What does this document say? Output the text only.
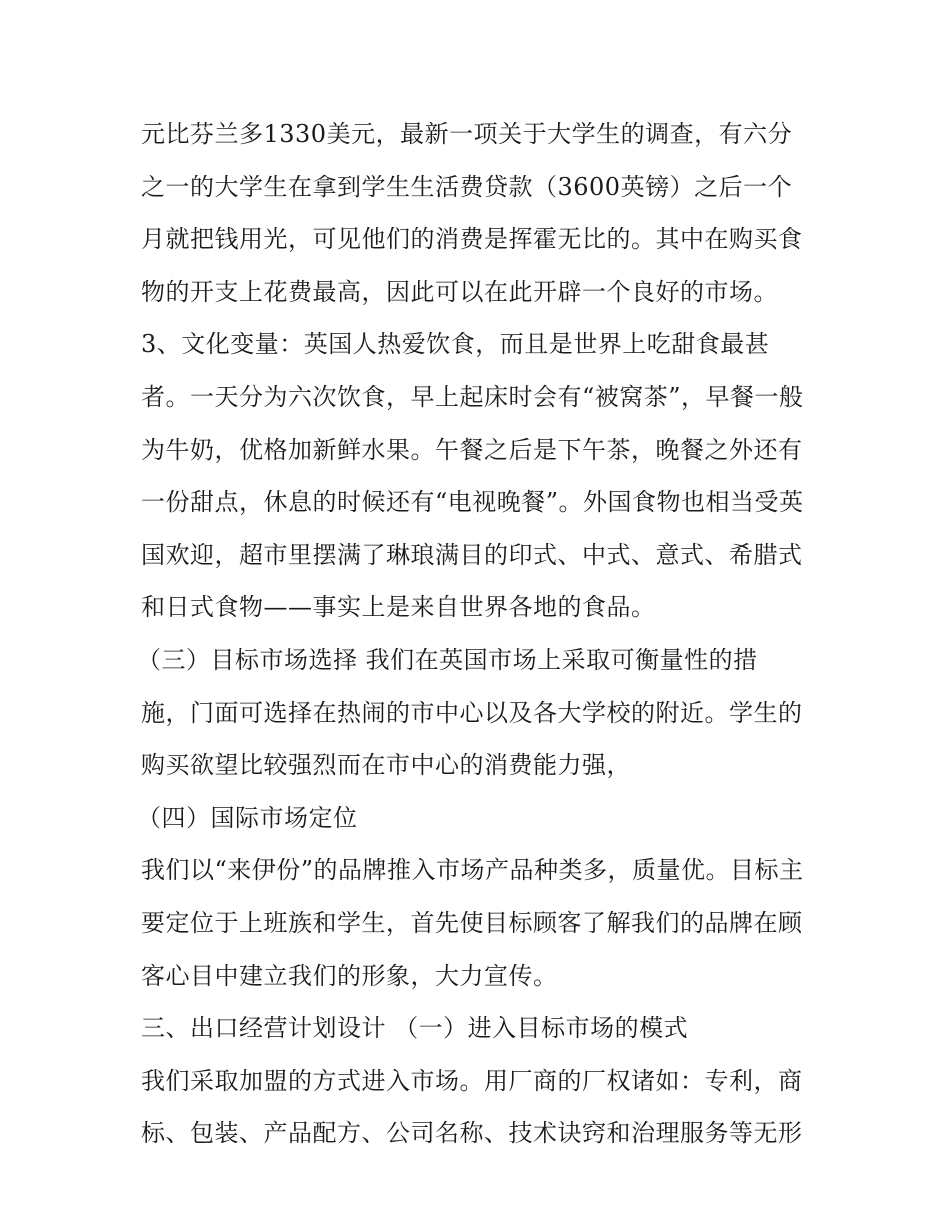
元比芬兰多1330美元，最新一项关于大学生的调查，有六分
之一的大学生在拿到学生生活费贷款（3600英镑）之后一个
月就把钱用光，可见他们的消费是挥霍无比的。其中在购买食
物的开支上花费最高，因此可以在此开辟一个良好的市场。
3、文化变量：英国人热爱饮食，而且是世界上吃甜食最甚
者。一天分为六次饮食，早上起床时会有“被窝茶”，早餐一般
为牛奶，优格加新鲜水果。午餐之后是下午茶，晚餐之外还有
一份甜点，休息的时候还有“电视晚餐”。外国食物也相当受英
国欢迎，超市里摆满了琳琅满目的印式、中式、意式、希腊式
和日式食物——事实上是来自世界各地的食品。
（三）目标市场选择 我们在英国市场上采取可衡量性的措
施，门面可选择在热闹的市中心以及各大学校的附近。学生的
购买欲望比较强烈而在市中心的消费能力强，
（四）国际市场定位
我们以“来伊份”的品牌推入市场产品种类多，质量优。目标主
要定位于上班族和学生，首先使目标顾客了解我们的品牌在顾
客心目中建立我们的形象，大力宣传。
三、出口经营计划设计 （一）进入目标市场的模式
我们采取加盟的方式进入市场。用厂商的厂权诸如：专利，商
标、包装、产品配方、公司名称、技术诀窍和治理服务等无形
